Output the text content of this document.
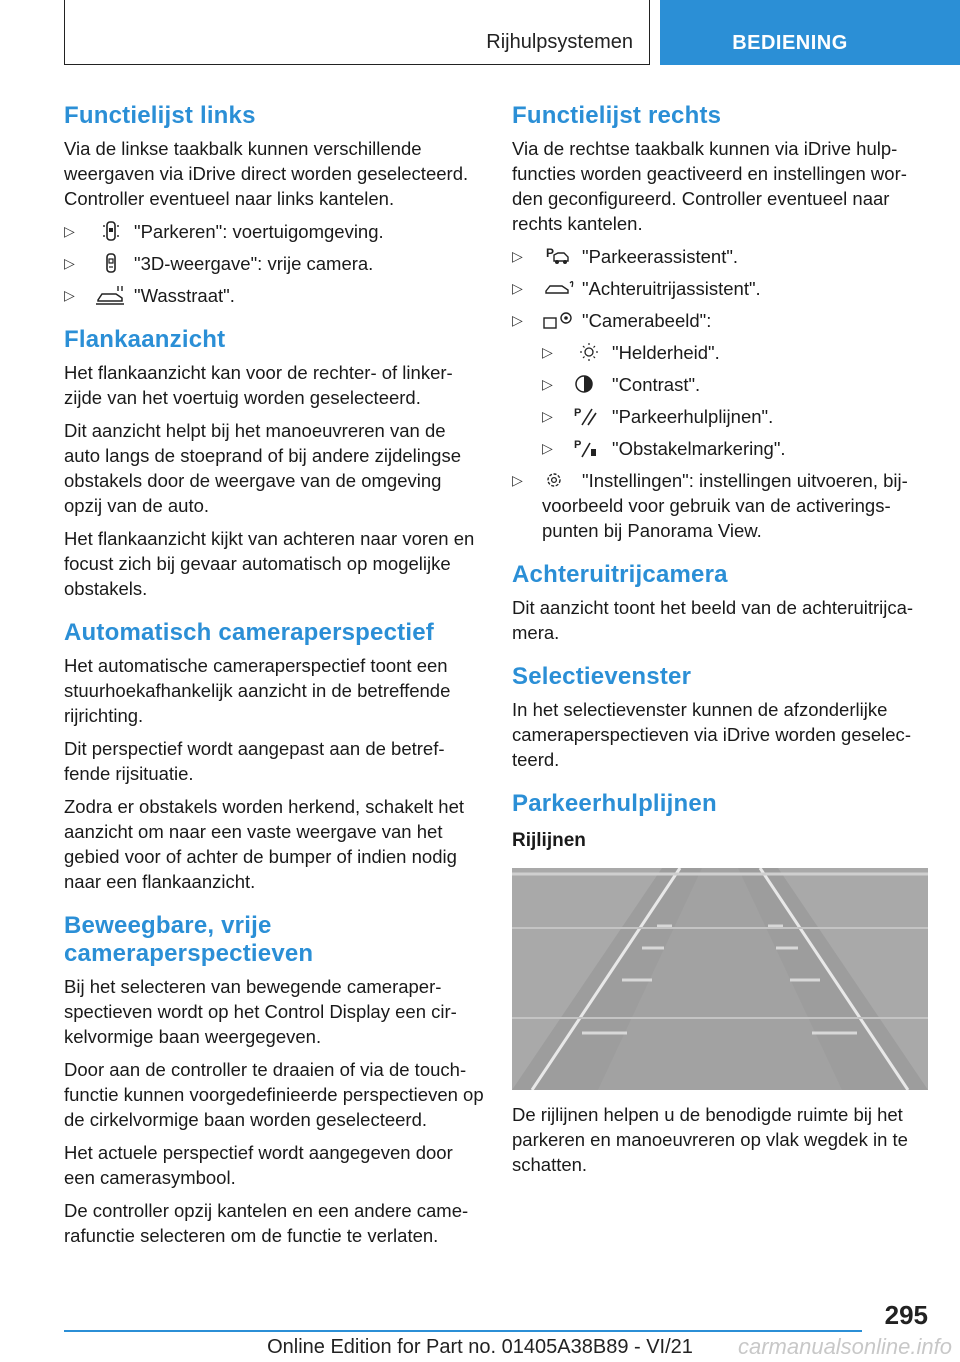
Rijhulpsystemen	BEDIENING
Functielijst links

Via de linkse taakbalk kunnen verschillende weergaven via iDrive direct worden geselecteerd. Controller eventueel naar links kantelen.

▷	"Parkeren": voertuigomgeving.
▷	"3D-weergave": vrije camera.
▷	"Wasstraat".
Flankaanzicht

Het flankaanzicht kan voor de rechter- of linkerzijde van het voertuig worden geselecteerd.

Dit aanzicht helpt bij het manoeuvreren van de auto langs de stoeprand of bij andere zijdelingse obstakels door de weergave van de omgeving opzij van de auto.

Het flankaanzicht kijkt van achteren naar voren en focust zich bij gevaar automatisch op mogelijke obstakels.

Automatisch cameraperspectief

Het automatische cameraperspectief toont een stuurhoekafhankelijk aanzicht in de betreffende rijrichting.

Dit perspectief wordt aangepast aan de betreffende rijsituatie.

Zodra er obstakels worden herkend, schakelt het aanzicht om naar een vaste weergave van het gebied voor of achter de bumper of indien nodig naar een flankaanzicht.

Beweegbare, vrije cameraperspectieven

Bij het selecteren van bewegende cameraperspectieven wordt op het Control Display een cirkelvormige baan weergegeven.

Door aan de controller te draaien of via de touchfunctie kunnen voorgedefinieerde perspectieven op de cirkelvormige baan worden geselecteerd.

Het actuele perspectief wordt aangegeven door een camerasymbool.

De controller opzij kantelen en een andere camerafunctie selecteren om de functie te verlaten.

Functielijst rechts

Via de rechtse taakbalk kunnen via iDrive hulpfuncties worden geactiveerd en instellingen worden geconfigureerd. Controller eventueel naar rechts kantelen.

▷ P "Parkeerassistent".
▷	"Achteruitrijassistent".
▷	"Camerabeeld":
▷	"Helderheid".
▷	"Contrast".
▷ P "Parkeerhulplijnen".
▷ P "Obstakelmarkering".
▷	"Instellingen": instellingen uitvoeren, bijvoorbeeld voor gebruik van de activeringspunten bij Panorama View.
Achteruitrijcamera

Dit aanzicht toont het beeld van de achteruitrijcamera.

Selectievenster

In het selectievenster kunnen de afzonderlijke cameraperspectieven via iDrive worden geselecteerd.

Parkeerhulplijnen
Rijlijnen

De rijlijnen helpen u de benodigde ruimte bij het parkeren en manoeuvreren op vlak wegdek in te schatten.

295
Online Edition for Part no. 01405A38B89 - VI/21	carmanualsonline.info
